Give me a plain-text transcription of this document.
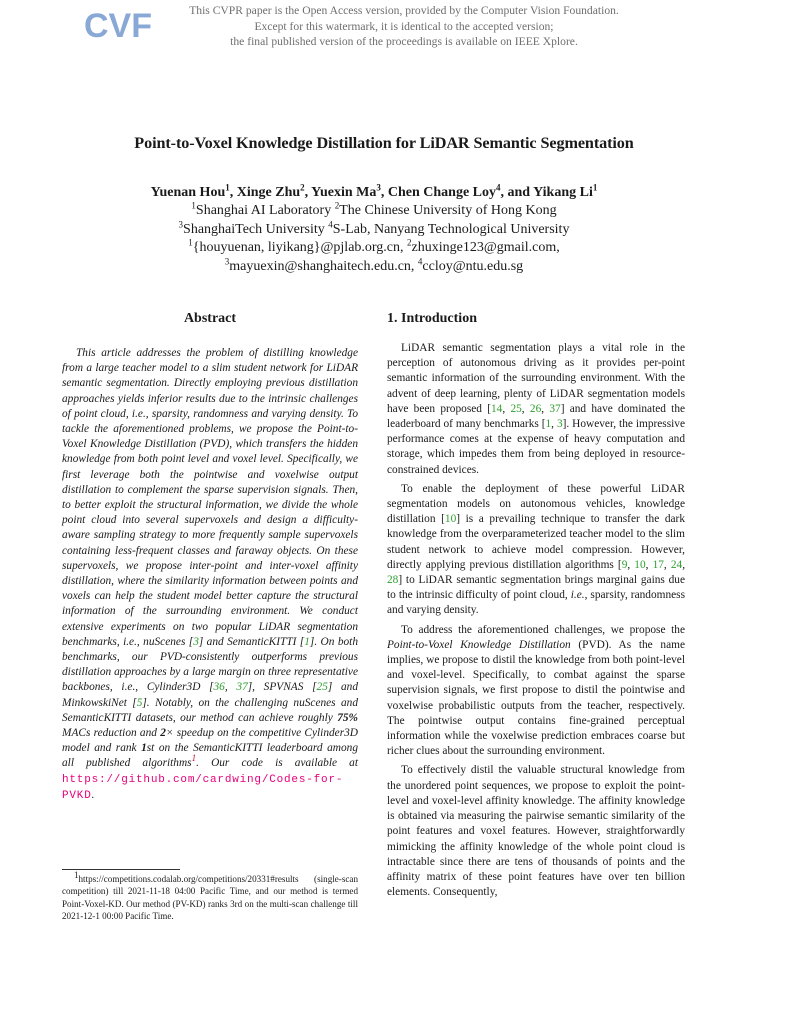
CVF	This CVPR paper is the Open Access version, provided by the Computer Vision Foundation.
Except for this watermark, it is identical to the accepted version;
the final published version of the proceedings is available on IEEE Xplore.
Point-to-Voxel Knowledge Distillation for LiDAR Semantic Segmentation
Yuenan Hou$^1$, Xinge Zhu$^2$, Yuexin Ma$^3$, Chen Change Loy$^4$, and Yikang Li$^1$
$^1$Shanghai AI Laboratory $^2$The Chinese University of Hong Kong
$^3$ShanghaiTech University $^4$S-Lab, Nanyang Technological University
$^1${houyuenan, liyikang}@pjlab.org.cn, $^2$zhuxinge123@gmail.com,
$^3$mayuexin@shanghaitech.edu.cn, $^4$ccloy@ntu.edu.sg
Abstract

This article addresses the problem of distilling knowledge from a large teacher model to a slim student network for LiDAR semantic segmentation. Directly employing previous distillation approaches yields inferior results due to the intrinsic challenges of point cloud, i.e., sparsity, randomness and varying density. To tackle the aforementioned problems, we propose the Point-to-Voxel Knowledge Distillation (PVD), which transfers the hidden knowledge from both point level and voxel level. Specifically, we first leverage both the pointwise and voxelwise output distillation to complement the sparse supervision signals. Then, to better exploit the structural information, we divide the whole point cloud into several supervoxels and design a difficulty-aware sampling strategy to more frequently sample supervoxels containing less-frequent classes and faraway objects. On these supervoxels, we propose inter-point and inter-voxel affinity distillation, where the similarity information between points and voxels can help the student model better capture the structural information of the surrounding environment. We conduct extensive experiments on two popular LiDAR segmentation benchmarks, i.e., nuScenes [3] and SemanticKITTI [1]. On both benchmarks, our PVD-consistently outperforms previous distillation approaches by a large margin on three representative backbones, i.e., Cylinder3D [36, 37], SPVNAS [25] and MinkowskiNet [5]. Notably, on the challenging nuScenes and SemanticKITTI datasets, our method can achieve roughly 75% MACs reduction and 2× speedup on the competitive Cylinder3D model and rank 1st on the SemanticKITTI leaderboard among all published algorithms$^1$. Our code is available at https://github.com/cardwing/Codes-for-PVKD.

$^1$https://competitions.codalab.org/competitions/20331#results (single-scan competition) till 2021-11-18 04:00 Pacific Time, and our method is termed Point-Voxel-KD. Our method (PV-KD) ranks 3rd on the multi-scan challenge till 2021-12-1 00:00 Pacific Time.
1. Introduction

LiDAR semantic segmentation plays a vital role in the perception of autonomous driving as it provides per-point semantic information of the surrounding environment. With the advent of deep learning, plenty of LiDAR segmentation models have been proposed [14, 25, 26, 37] and have dominated the leaderboard of many benchmarks [1, 3]. However, the impressive performance comes at the expense of heavy computation and storage, which impedes them from being deployed in resource-constrained devices.

To enable the deployment of these powerful LiDAR segmentation models on autonomous vehicles, knowledge distillation [10] is a prevailing technique to transfer the dark knowledge from the overparameterized teacher model to the slim student network to achieve model compression. However, directly applying previous distillation algorithms [9, 10, 17, 24, 28] to LiDAR semantic segmentation brings marginal gains due to the intrinsic difficulty of point cloud, i.e., sparsity, randomness and varying density.

To address the aforementioned challenges, we propose the Point-to-Voxel Knowledge Distillation (PVD). As the name implies, we propose to distil the knowledge from both point-level and voxel-level. Specifically, to combat against the sparse supervision signals, we first propose to distil the pointwise and voxelwise probabilistic outputs from the teacher, respectively. The pointwise output contains fine-grained perceptual information while the voxelwise prediction embraces coarse but richer clues about the surrounding environment.

To effectively distil the valuable structural knowledge from the unordered point sequences, we propose to exploit the point-level and voxel-level affinity knowledge. The affinity knowledge is obtained via measuring the pairwise semantic similarity of the point features and voxel features. However, straightforwardly mimicking the affinity knowledge of the whole point cloud is intractable since there are tens of thousands of points and the affinity matrix of these point features have over ten billion elements. Consequently,
